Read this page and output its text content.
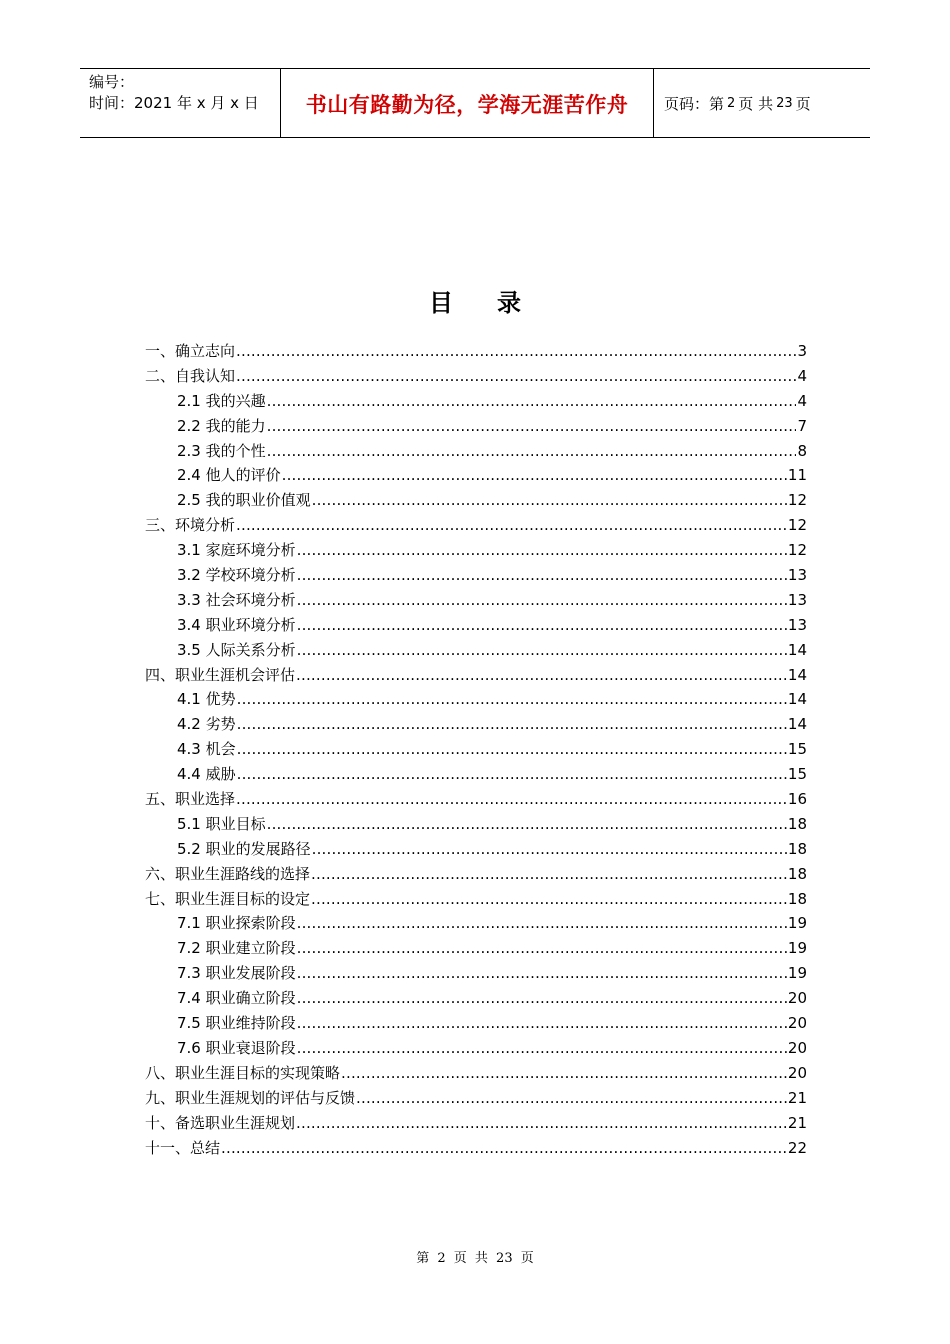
编号：
时间：2021 年 x 月 x 日	书山有路勤为径，学海无涯苦作舟 页码：第 2 页 共 23 页
目录
一、确立志向 .....	3
二、自我认知 .....	4
2.1 我的兴趣 .....	4
2.2 我的能力 .....	7
2.3 我的个性 .....	8
2.4 他人的评价 .....	11
2.5 我的职业价值观 .....	12
三、环境分析 .....	12
3.1 家庭环境分析 .....	12
3.2 学校环境分析 .....	13
3.3 社会环境分析 .....	13
3.4 职业环境分析 .....	13
3.5 人际关系分析 .....	14
四、职业生涯机会评估 .....	14
4.1 优势 .....	14
4.2 劣势 .....	14
4.3 机会 .....	15
4.4 威胁 .....	15
五、职业选择 .....	16
5.1 职业目标 .....	18
5.2 职业的发展路径 .....	18
六、职业生涯路线的选择 .....	18
七、职业生涯目标的设定 .....	18
7.1 职业探索阶段 .....	19
7.2 职业建立阶段 .....	19
7.3 职业发展阶段 .....	19
7.4 职业确立阶段 .....	20
7.5 职业维持阶段 .....	20
7.6 职业衰退阶段 .....	20
八、职业生涯目标的实现策略 .....	20
九、职业生涯规划的评估与反馈 .....	21
十、备选职业生涯规划 .....	21
十一、总结 .....	22
第 2 页 共 23 页
